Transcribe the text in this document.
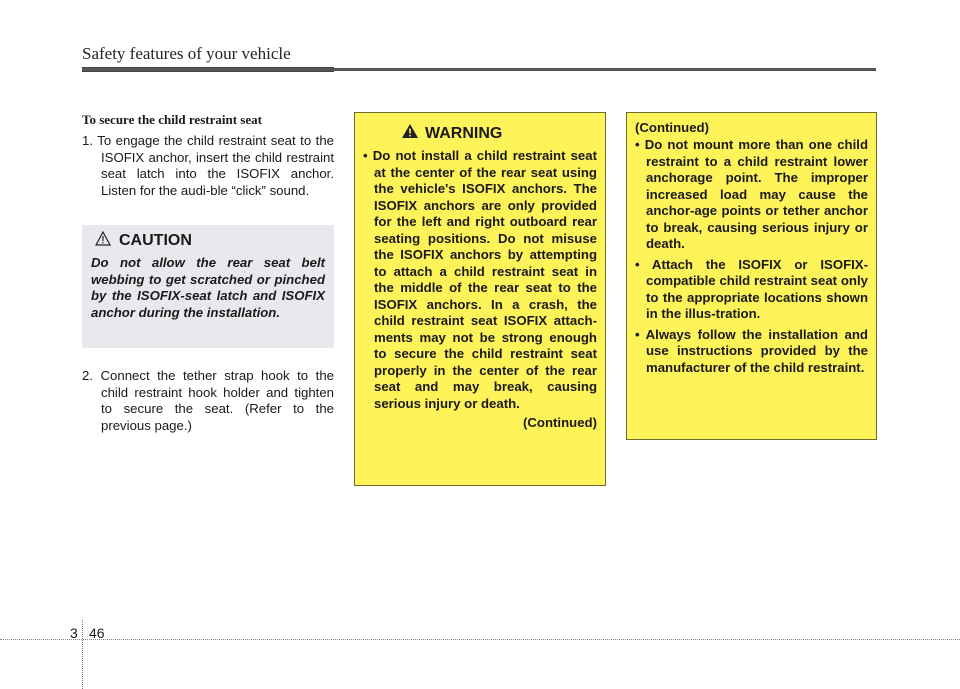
Safety features of your vehicle
To secure the child restraint seat
1. To engage the child restraint seat to the ISOFIX anchor, insert the child restraint seat latch into the ISOFIX anchor. Listen for the audi-ble “click” sound.
CAUTION
Do not allow the rear seat belt webbing to get scratched or pinched by the ISOFIX-seat latch and ISOFIX anchor during the installation.
2. Connect the tether strap hook to the child restraint hook holder and tighten to secure the seat. (Refer to the previous page.)
WARNING
• Do not install a child restraint seat at the center of the rear seat using the vehicle's ISOFIX anchors. The ISOFIX anchors are only provided for the left and right outboard rear seating positions. Do not misuse the ISOFIX anchors by attempting to attach a child restraint seat in the middle of the rear seat to the ISOFIX anchors. In a crash, the child restraint seat ISOFIX attach-ments may not be strong enough to secure the child restraint seat properly in the center of the rear seat and may break, causing serious injury or death.
(Continued)
(Continued)
• Do not mount more than one child restraint to a child restraint lower anchorage point. The improper increased load may cause the anchor-age points or tether anchor to break, causing serious injury or death.
• Attach the ISOFIX or ISOFIX-compatible child restraint seat only to the appropriate locations shown in the illus-tration.
• Always follow the installation and use instructions provided by the manufacturer of the child restraint.
3 46
